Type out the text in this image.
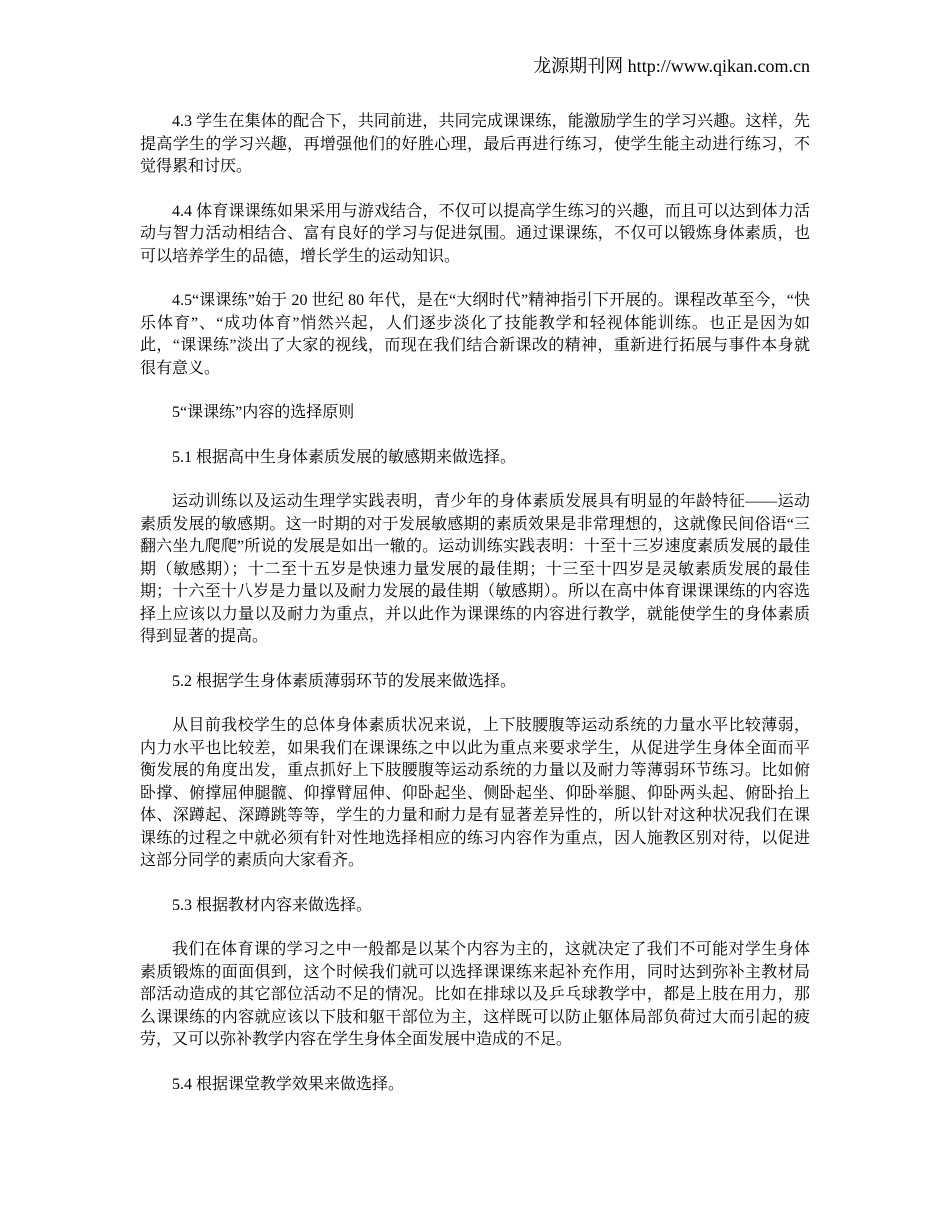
龙源期刊网 http://www.qikan.com.cn

4.3 学生在集体的配合下，共同前进，共同完成课课练，能激励学生的学习兴趣。这样，先提高学生的学习兴趣，再增强他们的好胜心理，最后再进行练习，使学生能主动进行练习，不觉得累和讨厌。

4.4 体育课课练如果采用与游戏结合，不仅可以提高学生练习的兴趣，而且可以达到体力活动与智力活动相结合、富有良好的学习与促进氛围。通过课课练，不仅可以锻炼身体素质，也可以培养学生的品德，增长学生的运动知识。

4.5“课课练”始于 20 世纪 80 年代，是在“大纲时代”精神指引下开展的。课程改革至今，“快乐体育”、“成功体育”悄然兴起，人们逐步淡化了技能教学和轻视体能训练。也正是因为如此，“课课练”淡出了大家的视线，而现在我们结合新课改的精神，重新进行拓展与事件本身就很有意义。

5“课课练”内容的选择原则

5.1 根据高中生身体素质发展的敏感期来做选择。

运动训练以及运动生理学实践表明，青少年的身体素质发展具有明显的年龄特征——运动素质发展的敏感期。这一时期的对于发展敏感期的素质效果是非常理想的，这就像民间俗语“三翻六坐九爬爬”所说的发展是如出一辙的。运动训练实践表明：十至十三岁速度素质发展的最佳期（敏感期）；十二至十五岁是快速力量发展的最佳期；十三至十四岁是灵敏素质发展的最佳期；十六至十八岁是力量以及耐力发展的最佳期（敏感期）。所以在高中体育课课课练的内容选择上应该以力量以及耐力为重点，并以此作为课课练的内容进行教学，就能使学生的身体素质得到显著的提高。

5.2 根据学生身体素质薄弱环节的发展来做选择。

从目前我校学生的总体身体素质状况来说，上下肢腰腹等运动系统的力量水平比较薄弱，内力水平也比较差，如果我们在课课练之中以此为重点来要求学生，从促进学生身体全面而平衡发展的角度出发，重点抓好上下肢腰腹等运动系统的力量以及耐力等薄弱环节练习。比如俯卧撑、俯撑屈伸腿髋、仰撑臂屈伸、仰卧起坐、侧卧起坐、仰卧举腿、仰卧两头起、俯卧抬上体、深蹲起、深蹲跳等等，学生的力量和耐力是有显著差异性的，所以针对这种状况我们在课课练的过程之中就必须有针对性地选择相应的练习内容作为重点，因人施教区别对待，以促进这部分同学的素质向大家看齐。

5.3 根据教材内容来做选择。

我们在体育课的学习之中一般都是以某个内容为主的，这就决定了我们不可能对学生身体素质锻炼的面面俱到，这个时候我们就可以选择课课练来起补充作用，同时达到弥补主教材局部活动造成的其它部位活动不足的情况。比如在排球以及乒乓球教学中，都是上肢在用力，那么课课练的内容就应该以下肢和躯干部位为主，这样既可以防止躯体局部负荷过大而引起的疲劳，又可以弥补教学内容在学生身体全面发展中造成的不足。

5.4 根据课堂教学效果来做选择。
